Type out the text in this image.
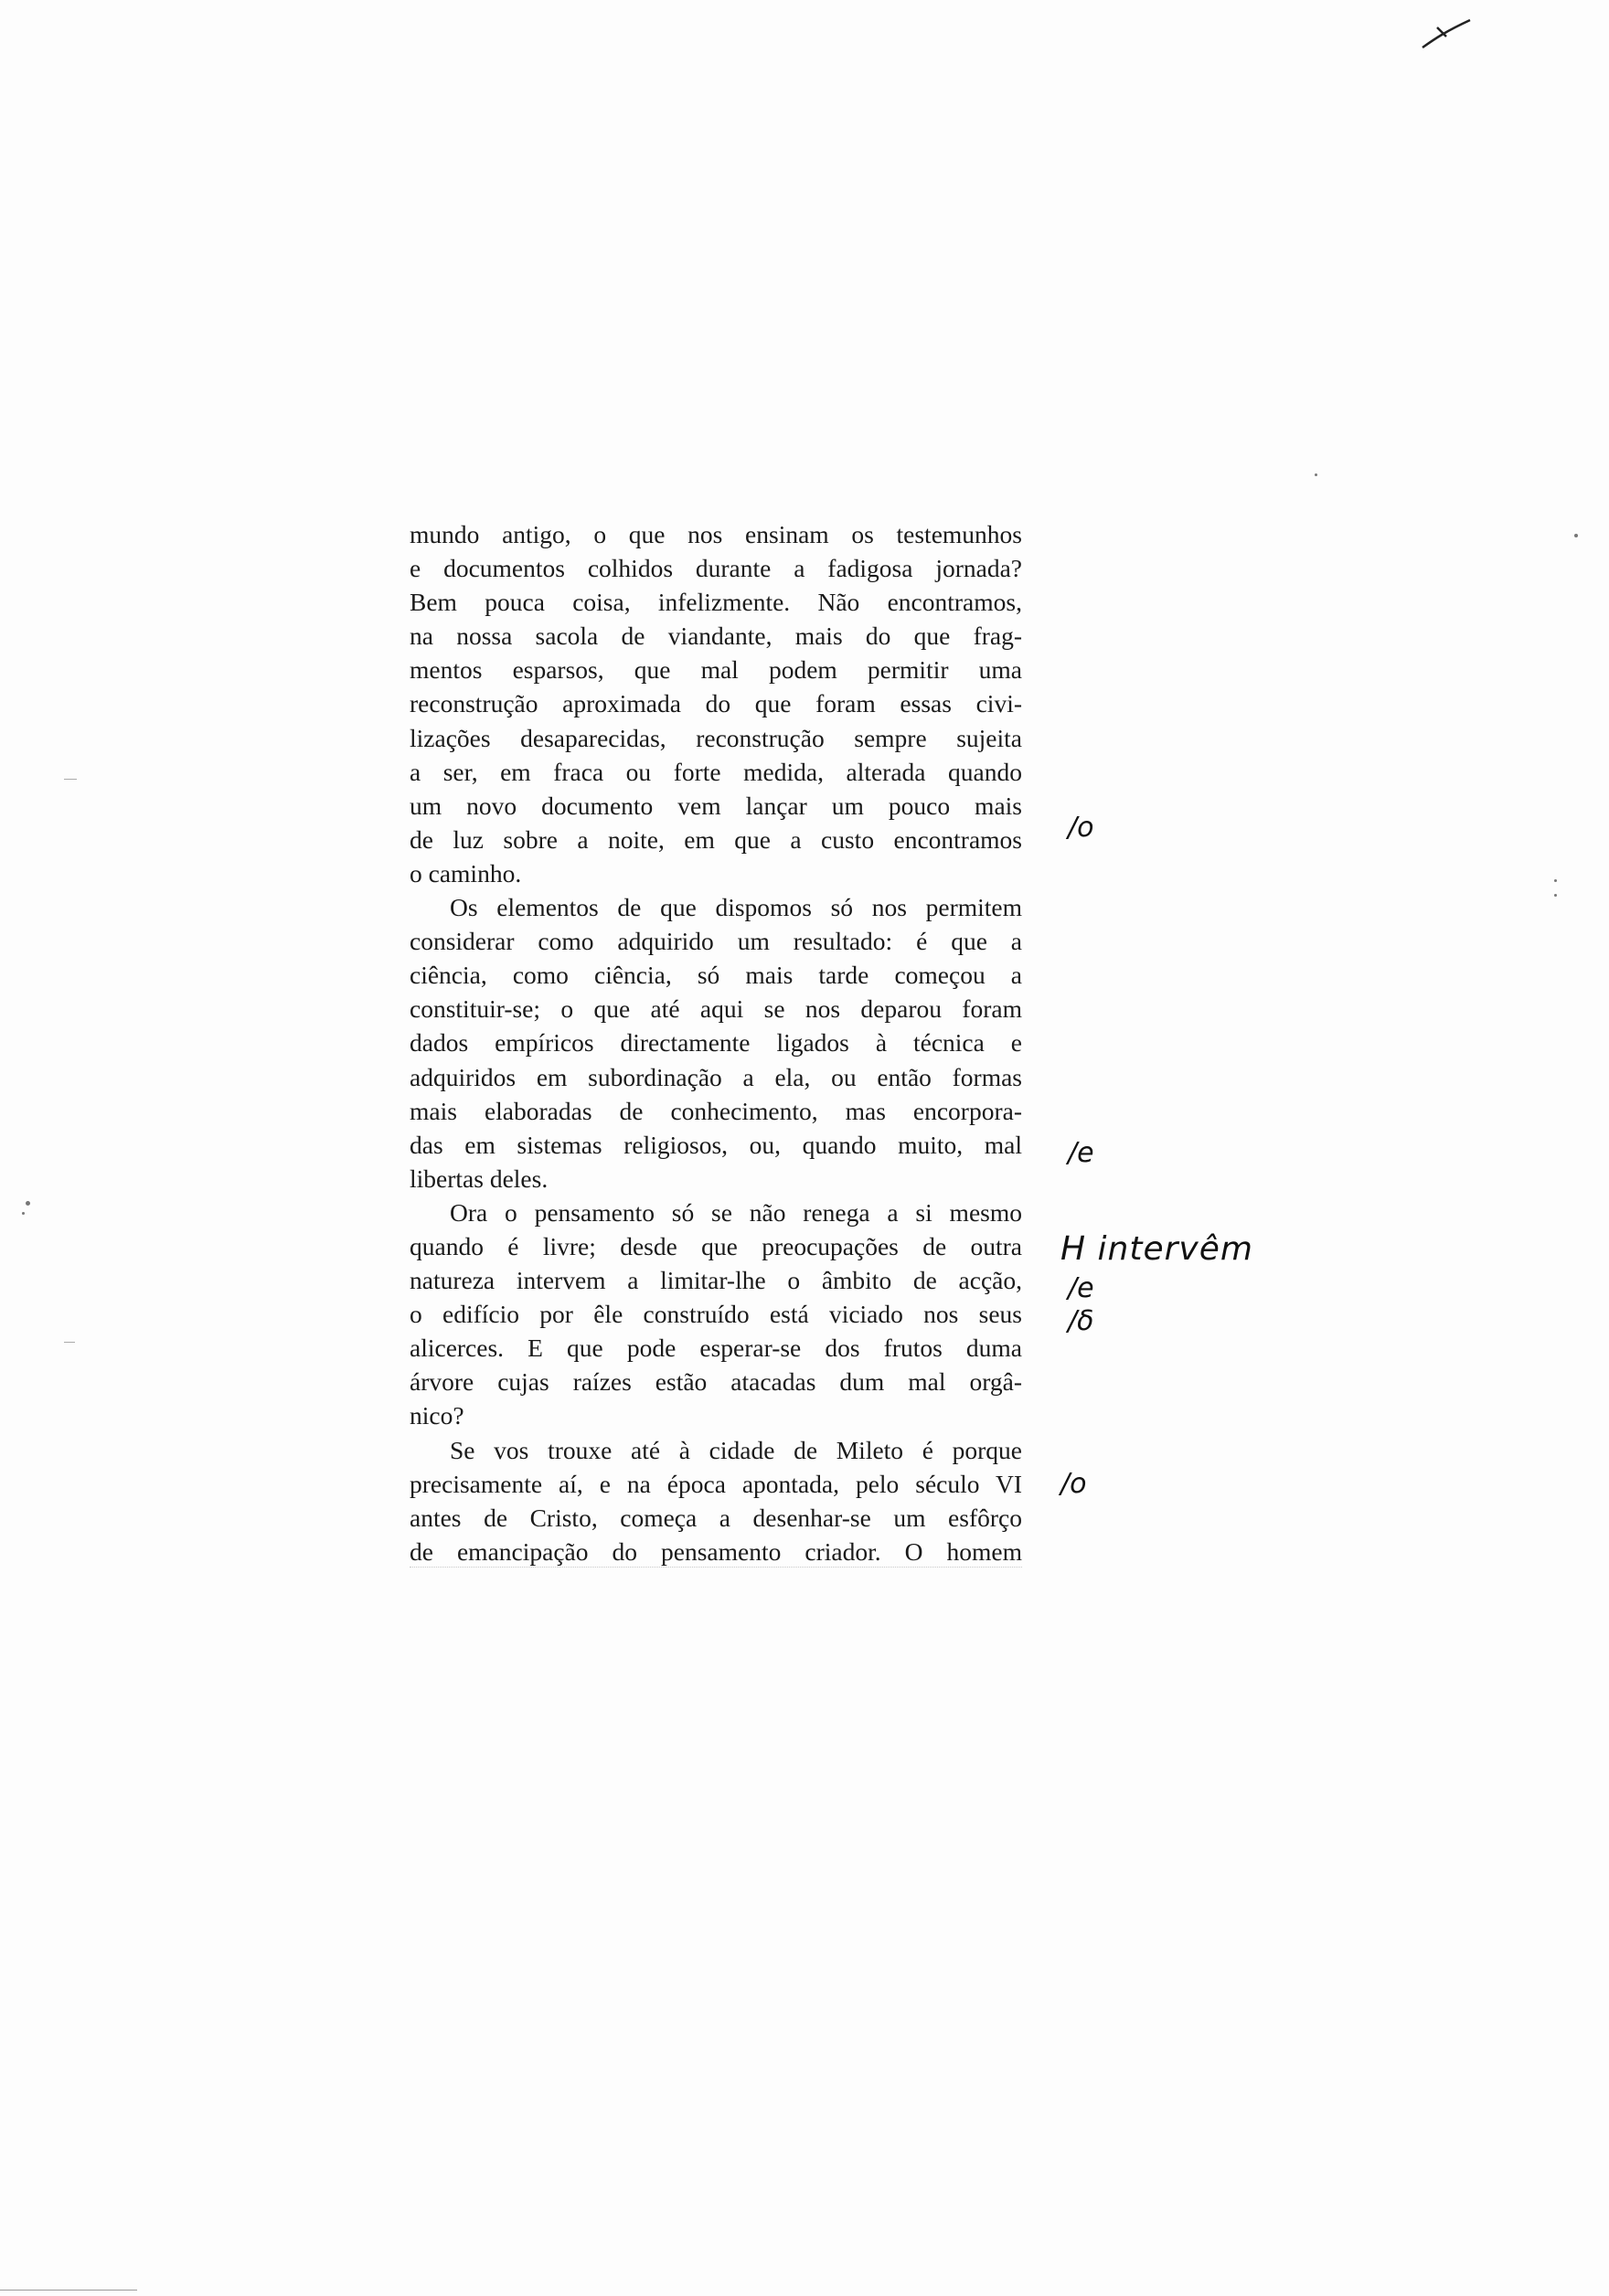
mundo antigo, o que nos ensinam os testemunhos
e documentos colhidos durante a fadigosa jornada?
Bem pouca coisa, infelizmente. Não encontramos,
na nossa sacola de viandante, mais do que frag-
mentos esparsos, que mal podem permitir uma
reconstrução aproximada do que foram essas civi-
lizações desaparecidas, reconstrução sempre sujeita
a ser, em fraca ou forte medida, alterada quando
um novo documento vem lançar um pouco mais
de luz sobre a noite, em que a custo encontramos
o caminho.
Os elementos de que dispomos só nos permitem
considerar como adquirido um resultado: é que a
ciência, como ciência, só mais tarde começou a
constituir-se; o que até aqui se nos deparou foram
dados empíricos directamente ligados à técnica e
adquiridos em subordinação a ela, ou então formas
mais elaboradas de conhecimento, mas encorpora-
das em sistemas religiosos, ou, quando muito, mal
libertas deles.
Ora o pensamento só se não renega a si mesmo
quando é livre; desde que preocupações de outra
natureza intervem a limitar-lhe o âmbito de acção,
o edifício por êle construído está viciado nos seus
alicerces. E que pode esperar-se dos frutos duma
árvore cujas raízes estão atacadas dum mal orgâ-
nico?
Se vos trouxe até à cidade de Mileto é porque
precisamente aí, e na época apontada, pelo século VI
antes de Cristo, começa a desenhar-se um esfôrço
de emancipação do pensamento criador. O homem
/o
/e
H intervêm
/e
/δ
/o
